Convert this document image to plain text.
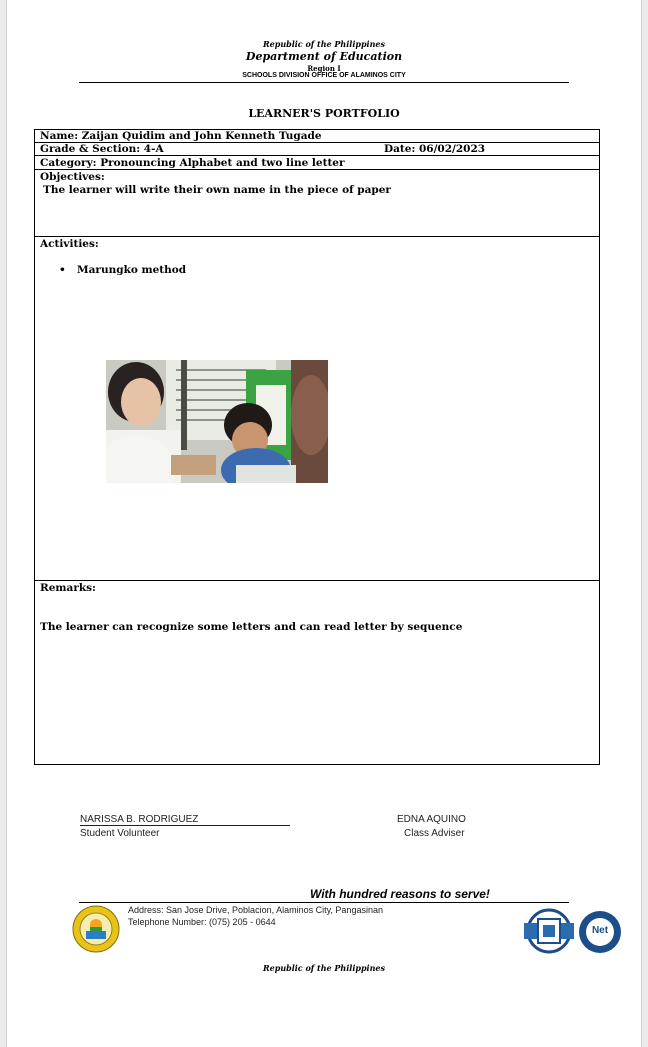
Republic of the Philippines
Department of Education
Region I
SCHOOLS DIVISION OFFICE OF ALAMINOS CITY
LEARNER'S PORTFOLIO
Name: Zaijan Quidim and John Kenneth Tugade
Grade & Section: 4-A	Date: 06/02/2023
Category: Pronouncing Alphabet and two line letter
Objectives:
The learner will write their own name in the piece of paper
Activities:
• Marungko method
Remarks:
The learner can recognize some letters and can read letter by sequence
NARISSA B. RODRIGUEZ
Student Volunteer
EDNA AQUINO
Class Adviser
With hundred reasons to serve!
Address: San Jose Drive, Poblacion, Alaminos City, Pangasinan
Telephone Number: (075) 205 - 0644
Net
Republic of the Philippines
